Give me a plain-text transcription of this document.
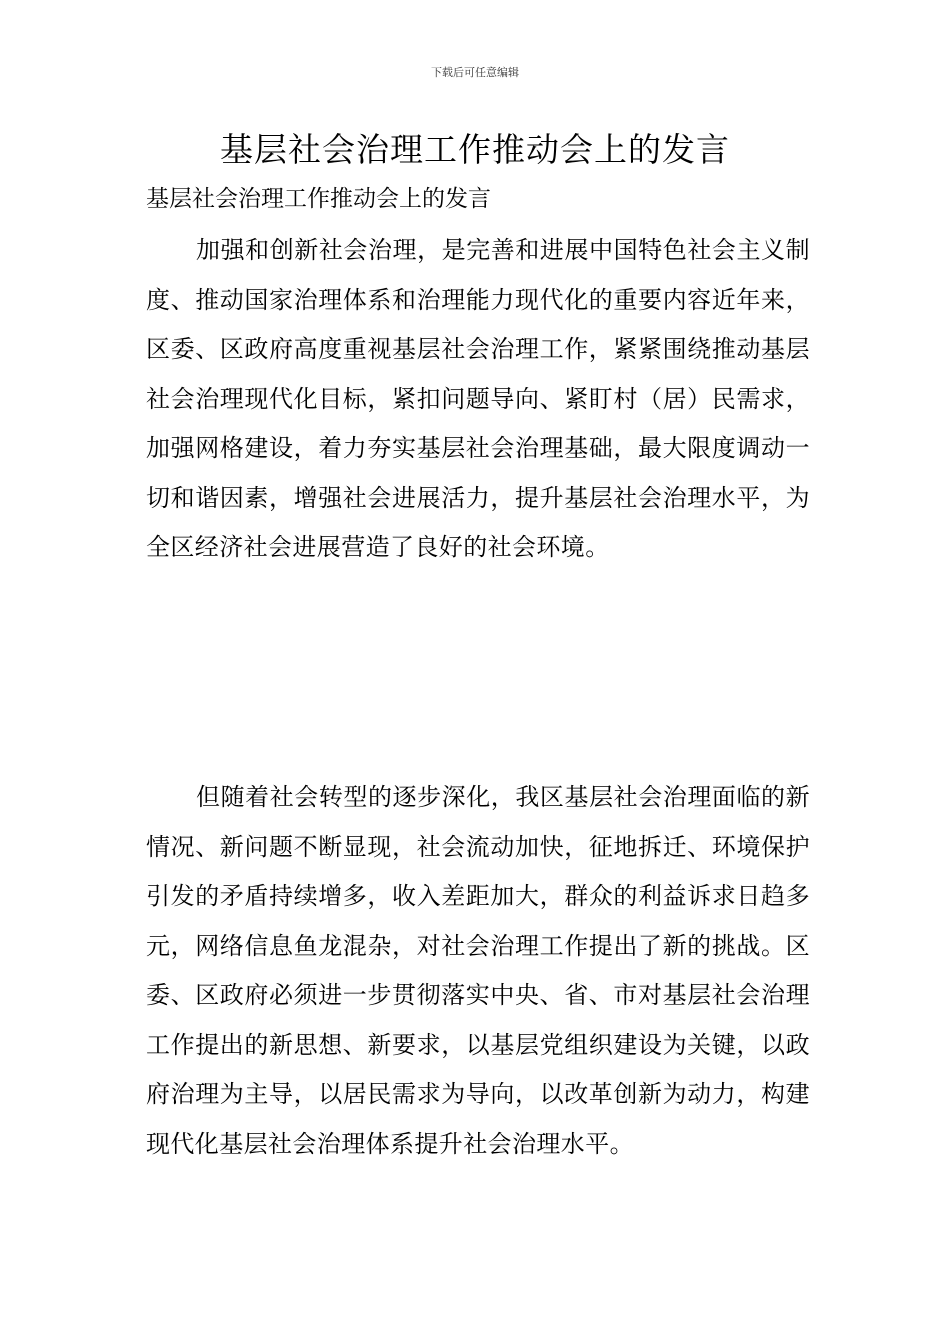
下载后可任意编辑
基层社会治理工作推动会上的发言
基层社会治理工作推动会上的发言

加强和创新社会治理，是完善和进展中国特色社会主义制度、推动国家治理体系和治理能力现代化的重要内容近年来，区委、区政府高度重视基层社会治理工作，紧紧围绕推动基层社会治理现代化目标，紧扣问题导向、紧盯村（居）民需求，加强网格建设，着力夯实基层社会治理基础，最大限度调动一切和谐因素，增强社会进展活力，提升基层社会治理水平，为全区经济社会进展营造了良好的社会环境。

但随着社会转型的逐步深化，我区基层社会治理面临的新情况、新问题不断显现，社会流动加快，征地拆迁、环境保护引发的矛盾持续增多，收入差距加大，群众的利益诉求日趋多元，网络信息鱼龙混杂，对社会治理工作提出了新的挑战。区委、区政府必须进一步贯彻落实中央、省、市对基层社会治理工作提出的新思想、新要求，以基层党组织建设为关键，以政府治理为主导，以居民需求为导向，以改革创新为动力，构建现代化基层社会治理体系提升社会治理水平。
